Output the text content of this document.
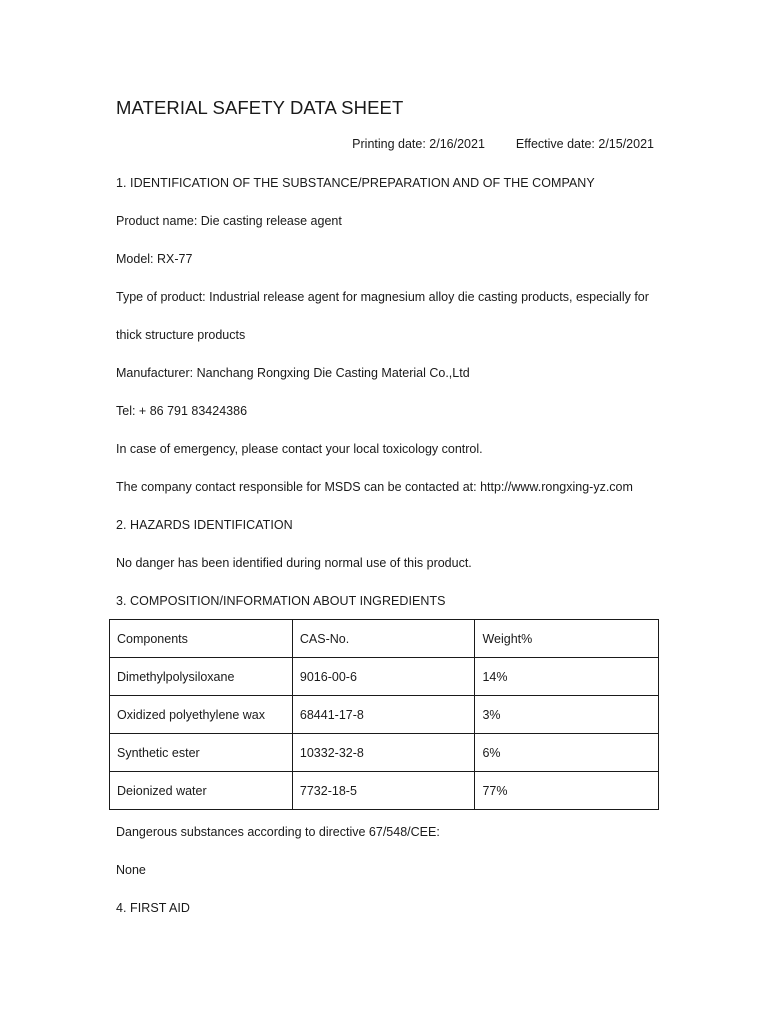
MATERIAL SAFETY DATA SHEET
Printing date: 2/16/2021 Effective date: 2/15/2021
1. IDENTIFICATION OF THE SUBSTANCE/PREPARATION AND OF THE COMPANY
Product name: Die casting release agent
Model: RX-77
Type of product: Industrial release agent for magnesium alloy die casting products, especially for
thick structure products
Manufacturer: Nanchang Rongxing Die Casting Material Co.,Ltd
Tel: + 86 791 83424386
In case of emergency, please contact your local toxicology control.
The company contact responsible for MSDS can be contacted at: http://www.rongxing-yz.com
2. HAZARDS IDENTIFICATION
No danger has been identified during normal use of this product.
3. COMPOSITION/INFORMATION ABOUT INGREDIENTS
Components	CAS-No.	Weight%
Dimethylpolysiloxane	9016-00-6	14%
Oxidized polyethylene wax	68441-17-8	3%
Synthetic ester	10332-32-8	6%
Deionized water	7732-18-5	77%
Dangerous substances according to directive 67/548/CEE:
None
4. FIRST AID
